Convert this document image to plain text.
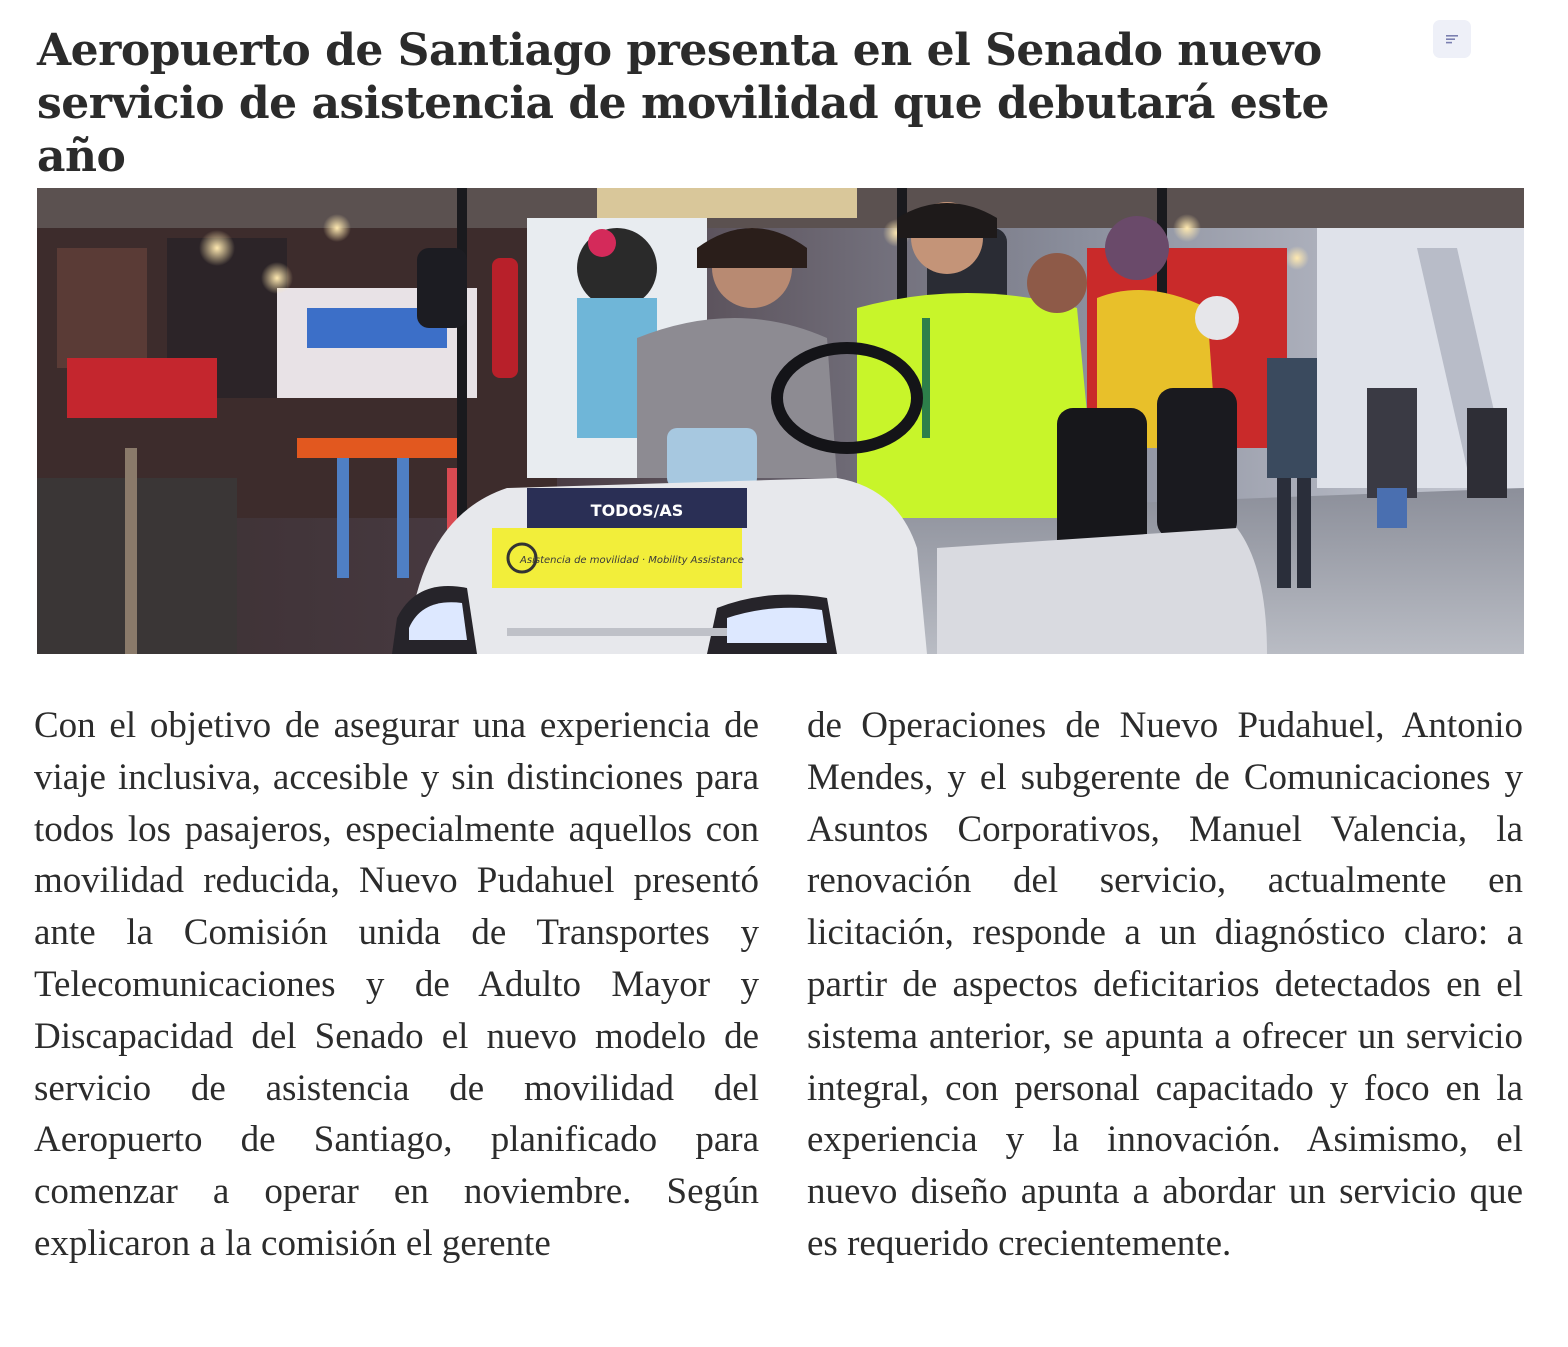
Aeropuerto de Santiago presenta en el Senado nuevo servicio de asistencia de movilidad que debutará este año
TODOS/AS
Asistencia de movilidad · Mobility Assistance

Con el objetivo de asegurar una experiencia de viaje inclusiva, accesible y sin distinciones para todos los pasajeros, especialmente aquellos con movilidad reducida, Nuevo Pudahuel presentó ante la Comisión unida de Transportes y Telecomunicaciones y de Adulto Mayor y Discapacidad del Senado el nuevo modelo de servicio de asistencia de movilidad del Aeropuerto de Santiago, planificado para comenzar a operar en noviembre. Según explicaron a la comisión el gerente

de Operaciones de Nuevo Pudahuel, Antonio Mendes, y el subgerente de Comunicaciones y Asuntos Corporativos, Manuel Valencia, la renovación del servicio, actualmente en licitación, responde a un diagnóstico claro: a partir de aspectos deficitarios detectados en el sistema anterior, se apunta a ofrecer un servicio integral, con personal capacitado y foco en la experiencia y la innovación. Asimismo, el nuevo diseño apunta a abordar un servicio que es requerido crecientemente.
